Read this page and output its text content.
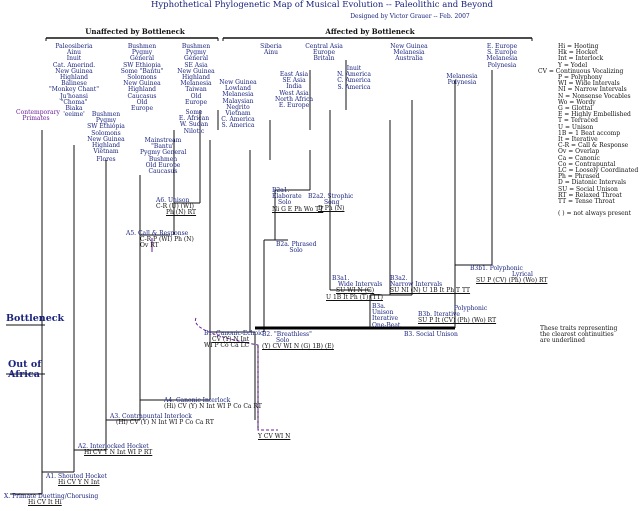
Hyphothetical Phylogenetic Map of Musical Evolution -- Paleolithic and Beyond
Designed by Victor Grauer -- Feb. 2007
Unaffected by Bottleneck	Affected by Bottleneck
Bottleneck
Out of
Africa
Contemporary
Primates
Paleosiberia
Ainu
Inuit
Cat. Amerind.
New Guinea
Highland
Balinese
"Monkey Chant"
Ju'hoansi
"Choma"
Biaka
'eeime'	Bushmen
Pygmy
SW Ethiopia
Solomons
New Guinea
Highland
Vietnam
Flores
Bushmen
Pygmy
General
SW Ethiopia
Some "Bantu"
Solomons
New Guinea
Highland
Caucasus
Old
Europe
Bushmen
Pygmy
General
SE Asia
New Guinea
Highland
Melanesia
Taiwan
Old
Europe
Some
E. African
W. Sudan
Nilotic
Mainstream
"Bantu"
Pygmy General
Bushmen
Old Europe
Caucasus
New Guinea
Lowland
Melanesia
Malaysian
Negrito
Vietnam
C. America
S. America
Siberia
Ainu
Central Asia
Europe
Britain
East Asia
SE Asia
India
West Asia
North Africa
E. Europe
Inuit
N. America
C. America
S. America
New Guinea
Melanesia
Australia
Melanesia
Polynesia
E. Europe
S. Europe
Melanesia
Polynesia
X. Primate Duetting/Chorusing
Hi CV It Hi
A1. Shouted Hocket
Hi CV Y N Int
A2. Interlocked Hocket
Hi CV Y N Int WI P RT
A3. Contrapuntal Interlock
(Hi) CV (Y) N Int WI P Co Ca RT
A4. Canonic Interlock
(Hi) CV (Y) N Int WI P Co Ca RT
A5. Call & Response
C-R P (WI) Ph (N)
Ov RT
A6. Unison
C-R (U) (WI)
Ph (N) RT
B1. Canonic-Echoic
CV (Y) N Int
WI P Co Ca LC
B2. "Breathless"
Solo
(Y) CV WI N (G) 1B) (E)
B2a. Phrased
Solo
B2a1.
Elaborate
Solo
Ni G E Ph Wo TT
B2a2. Strophic
Song
D Ph (N)
B3. Social Unison
B3a.
Unison
Iterative
One-Beat
B3a1.
Wide Intervals
SU WI N (G)
U 1B It Ph (T) (TT)
B3a2.
Narrow Intervals
SU NI (N) U 1B It Ph T TT
Polyphonic
B3b. Iterative
SU P It (CV) (Ph) (Wo) RT
B3b1. Polyphonic
Lyrical
SU P (CV) (Ph) (Wo) RT
Y CV WI N
Hi = Hooting
Hk = Hocket
Int = Interlock
Y = Yodel
CV = Continuous Vocalizing
P = Polyphony
WI = Wide Intervals
NI = Narrow Intervals
N = Nonsense Vocables
Wo = Wordy
G = Glottal
E = Highly Embellished
T = Terraced
U = Unison
1B = 1 Beat accomp
It = Iterative
C-R = Call & Response
Ov = Overlap
Ca = Canonic
Co = Contrapuntal
LC = Loosely Coordinated
Ph = Phrased
D = Diatonic Intervals
SU = Social Unison
RT = Relaxed Throat
TT = Tense Throat
( ) = not always present
These traits representing
the clearest continuities
are underlined
